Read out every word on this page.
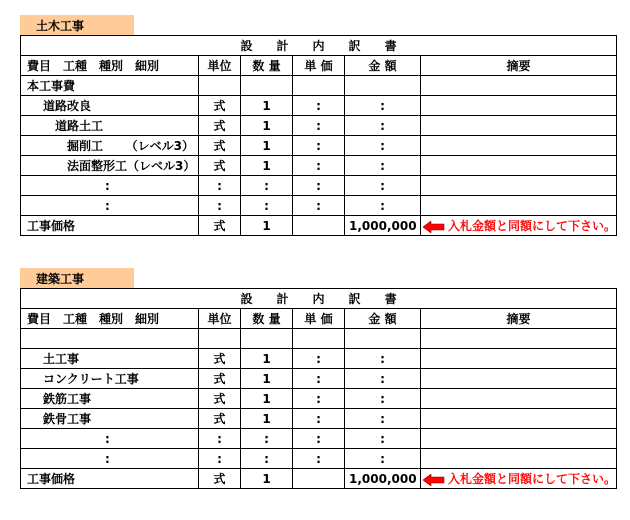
土木工事
設 計 内 訳 書					
費目　工種　種別　細別	単位	数 量	単 価	金 額	摘要
本工事費					
道路改良	式	1	:	:	
道路土工	式	1	:	:	

掘削工 （レベル3）	式	1	:	:	

法面整形工 （レベル3）	式	1	:	:	
:	:	:	:	:	
:	:	:	:	:	
工事価格	式	1		1,000,000	入札金額と同額にして下さい。
建築工事
設 計 内 訳 書					
費目　工種　種別　細別	単位	数 量	単 価	金 額	摘要

土工事	式	1	:	:	
コンクリート工事	式	1	:	:	
鉄筋工事	式	1	:	:	
鉄骨工事	式	1	:	:	
:	:	:	:	:	
:	:	:	:	:	
工事価格	式	1		1,000,000	入札金額と同額にして下さい。
